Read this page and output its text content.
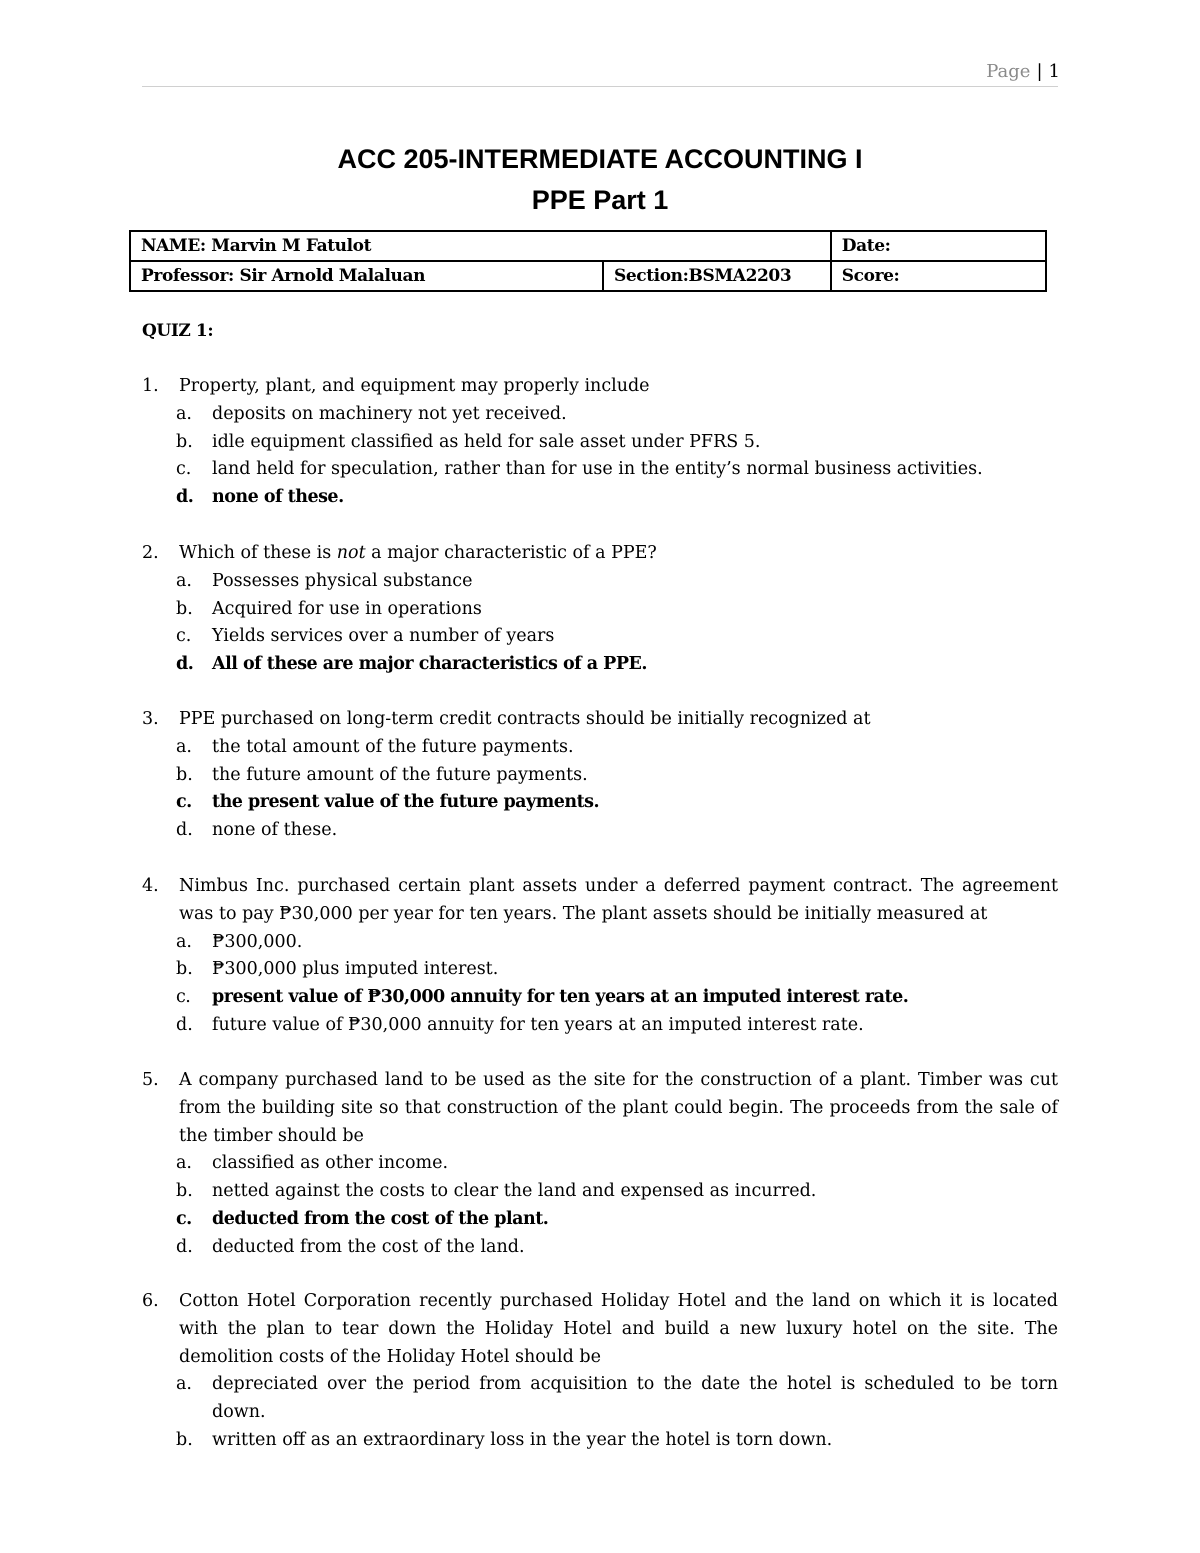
Page | 1
ACC 205-INTERMEDIATE ACCOUNTING I
PPE Part 1
NAME: Marvin M Fatulot		Date:
Professor: Sir Arnold Malaluan	Section:BSMA2203	Score:
QUIZ 1:
1. Property, plant, and equipment may properly include
a. deposits on machinery not yet received.
b. idle equipment classified as held for sale asset under PFRS 5.
c. land held for speculation, rather than for use in the entity’s normal business activities.
d. none of these.
2. Which of these is not a major characteristic of a PPE?
a. Possesses physical substance
b. Acquired for use in operations
c. Yields services over a number of years
d. All of these are major characteristics of a PPE.
3. PPE purchased on long-term credit contracts should be initially recognized at
a. the total amount of the future payments.
b. the future amount of the future payments.
c. the present value of the future payments.
d. none of these.
4. Nimbus Inc. purchased certain plant assets under a deferred payment contract. The agreement was to pay ₱30,000 per year for ten years. The plant assets should be initially measured at
a. ₱300,000.
b. ₱300,000 plus imputed interest.
c. present value of ₱30,000 annuity for ten years at an imputed interest rate.
d. future value of ₱30,000 annuity for ten years at an imputed interest rate.
5. A company purchased land to be used as the site for the construction of a plant. Timber was cut from the building site so that construction of the plant could begin. The proceeds from the sale of the timber should be
a. classified as other income.
b. netted against the costs to clear the land and expensed as incurred.
c. deducted from the cost of the plant.
d. deducted from the cost of the land.
6. Cotton Hotel Corporation recently purchased Holiday Hotel and the land on which it is located with the plan to tear down the Holiday Hotel and build a new luxury hotel on the site. The demolition costs of the Holiday Hotel should be
a. depreciated over the period from acquisition to the date the hotel is scheduled to be torn down.
b. written off as an extraordinary loss in the year the hotel is torn down.
